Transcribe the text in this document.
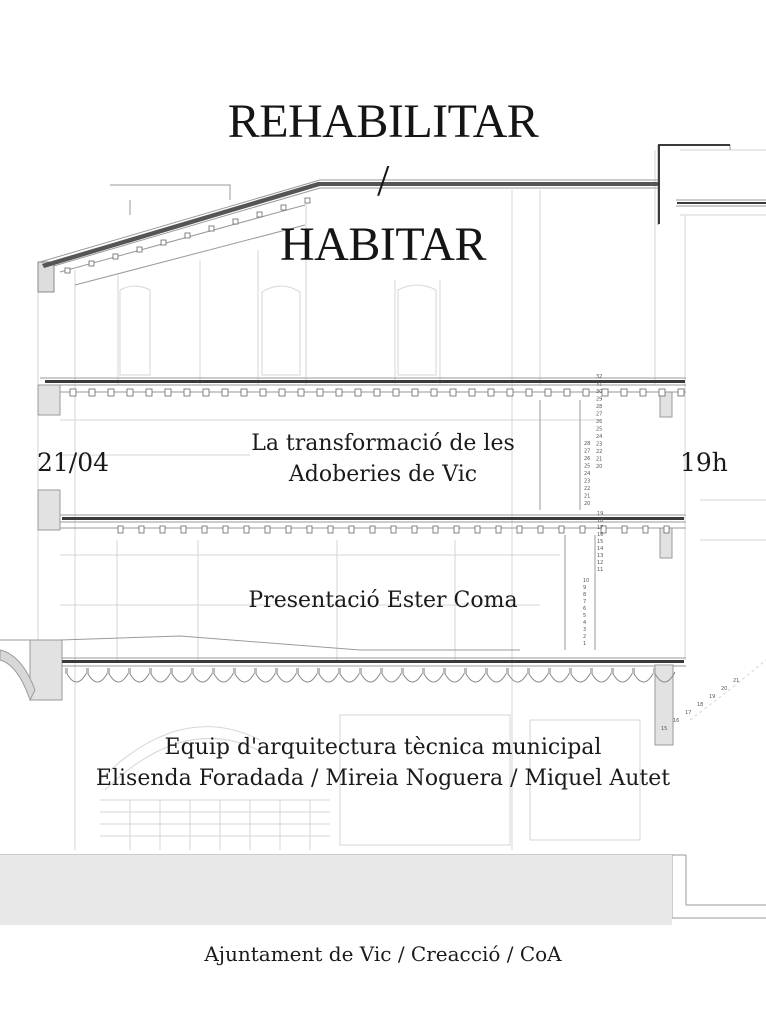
32
31
30
29
28
27
26
25
24
23
22
21
20
28
27
26
25
24
23
22
21
20
19
18
17
16
15
14
13
12
11
10
9
8
7
6
5
4
3
2
1
21
20
19
18
17
16
15
REHABILITAR
/
HABITAR
La transformació de les
Adoberies de Vic
21/04	19h
Presentació Ester Coma
Equip d'arquitectura tècnica municipal
Elisenda Foradada / Mireia Noguera / Miquel Autet
Ajuntament de Vic / Creacció / CoA
